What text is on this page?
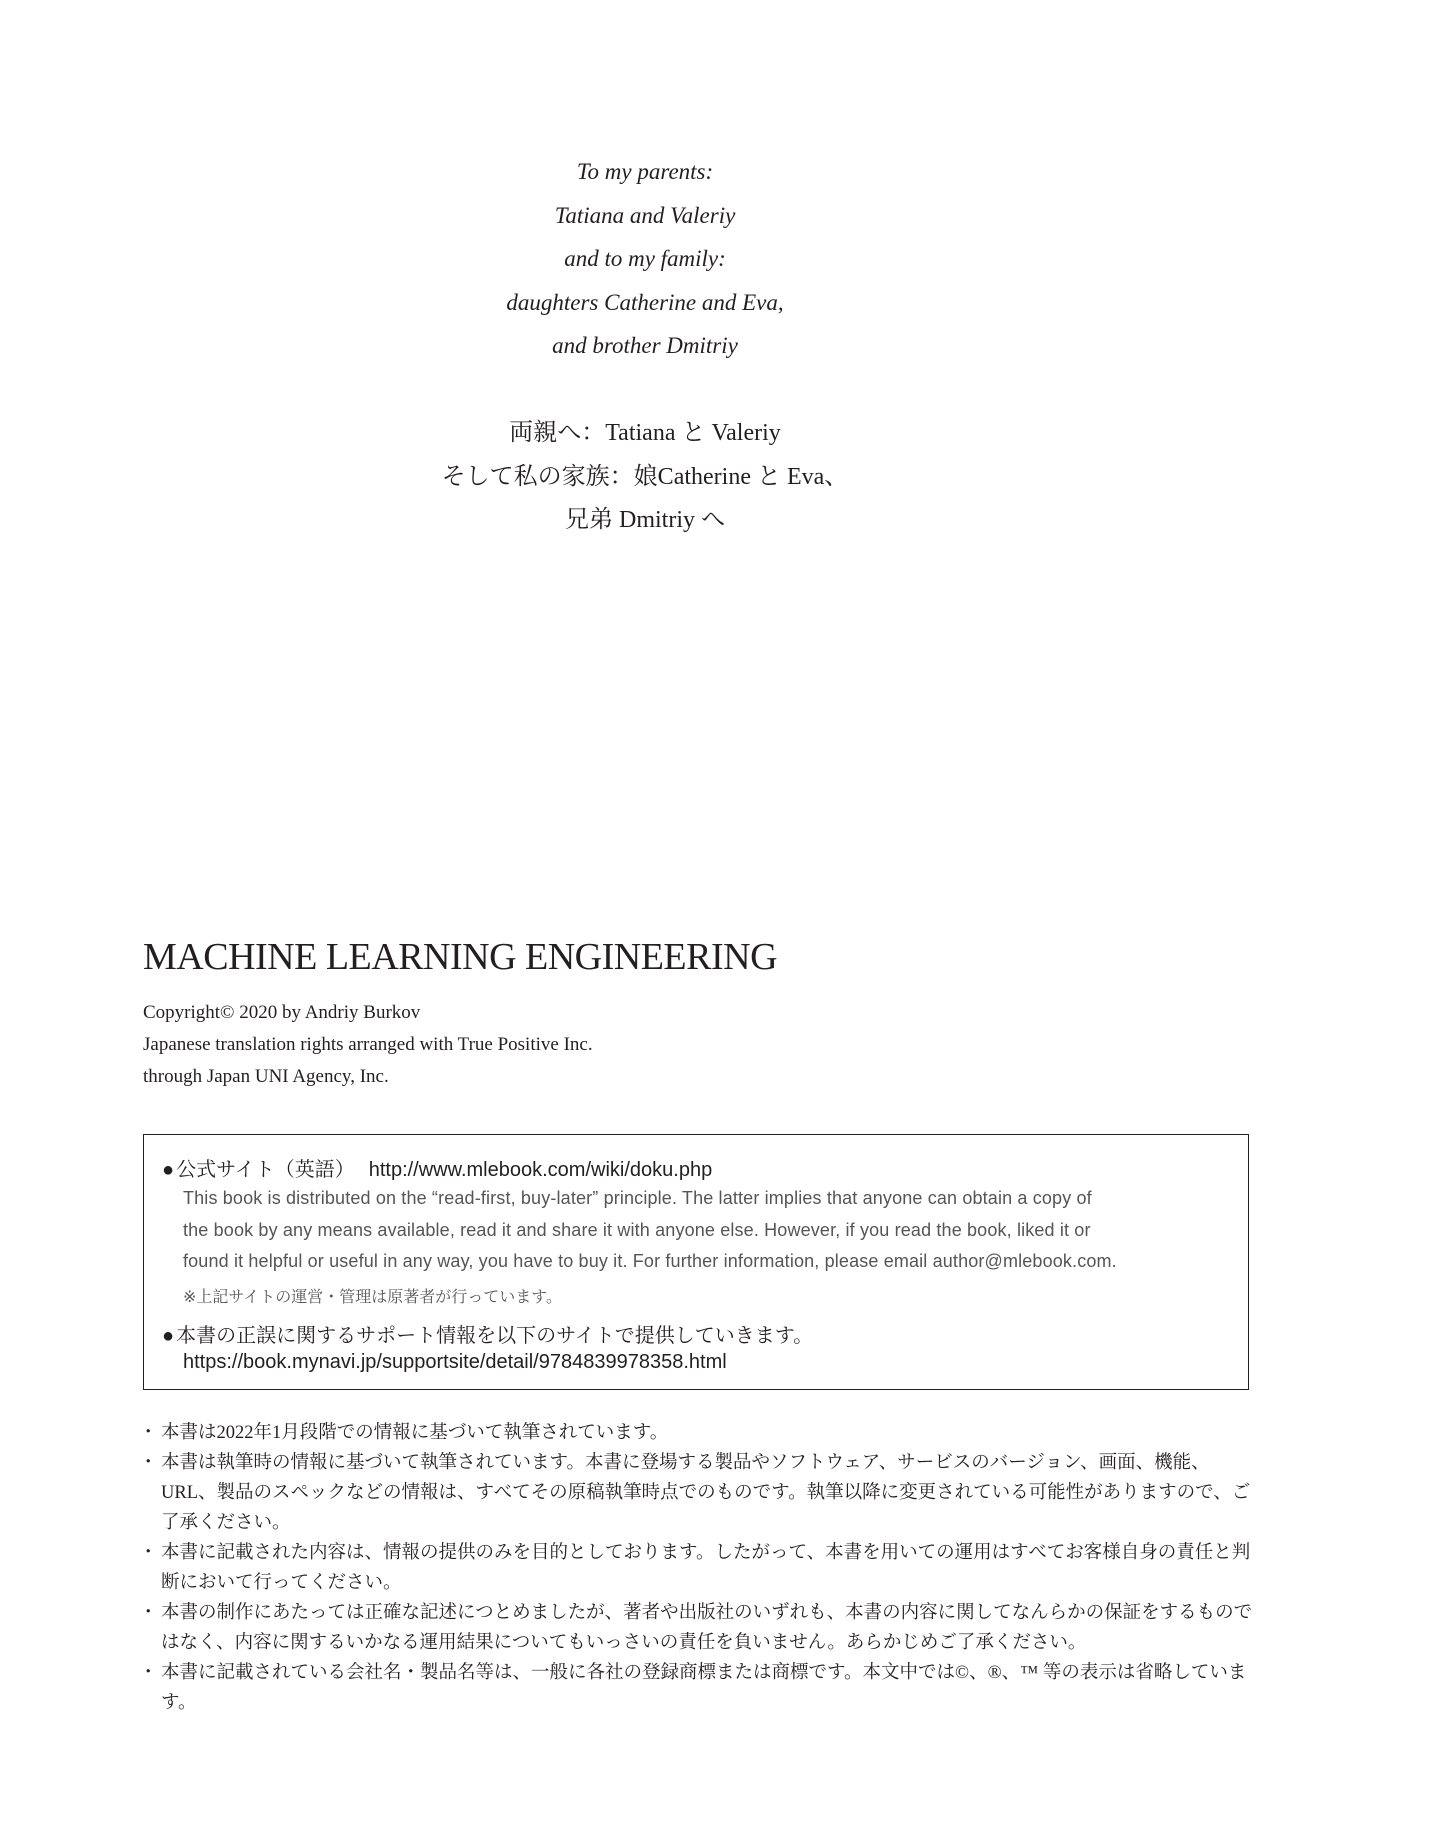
To my parents:
Tatiana and Valeriy
and to my family:
daughters Catherine and Eva,
and brother Dmitriy
両親へ：Tatiana と Valeriy
そして私の家族：娘Catherine と Eva、
兄弟 Dmitriy へ
MACHINE LEARNING ENGINEERING
Copyright© 2020 by Andriy Burkov
Japanese translation rights arranged with True Positive Inc.
through Japan UNI Agency, Inc.
● 公式サイト（英語） http://www.mlebook.com/wiki/doku.php
This book is distributed on the “read-first, buy-later” principle. The latter implies that anyone can obtain a copy of
the book by any means available, read it and share it with anyone else. However, if you read the book, liked it or
found it helpful or useful in any way, you have to buy it. For further information, please email author@mlebook.com.
※上記サイトの運営・管理は原著者が行っています。
● 本書の正誤に関するサポート情報を以下のサイトで提供していきます。
https://book.mynavi.jp/supportsite/detail/9784839978358.html
・ 本書は2022年1月段階での情報に基づいて執筆されています。
・ 本書は執筆時の情報に基づいて執筆されています。本書に登場する製品やソフトウェア、サービスのバージョン、画面、機能、URL、製品のスペックなどの情報は、すべてその原稿執筆時点でのものです。執筆以降に変更されている可能性がありますので、ご了承ください。
・ 本書に記載された内容は、情報の提供のみを目的としております。したがって、本書を用いての運用はすべてお客様自身の責任と判断において行ってください。
・ 本書の制作にあたっては正確な記述につとめましたが、著者や出版社のいずれも、本書の内容に関してなんらかの保証をするものではなく、内容に関するいかなる運用結果についてもいっさいの責任を負いません。あらかじめご了承ください。
・ 本書に記載されている会社名・製品名等は、一般に各社の登録商標または商標です。本文中では©、®、™ 等の表示は省略しています。
